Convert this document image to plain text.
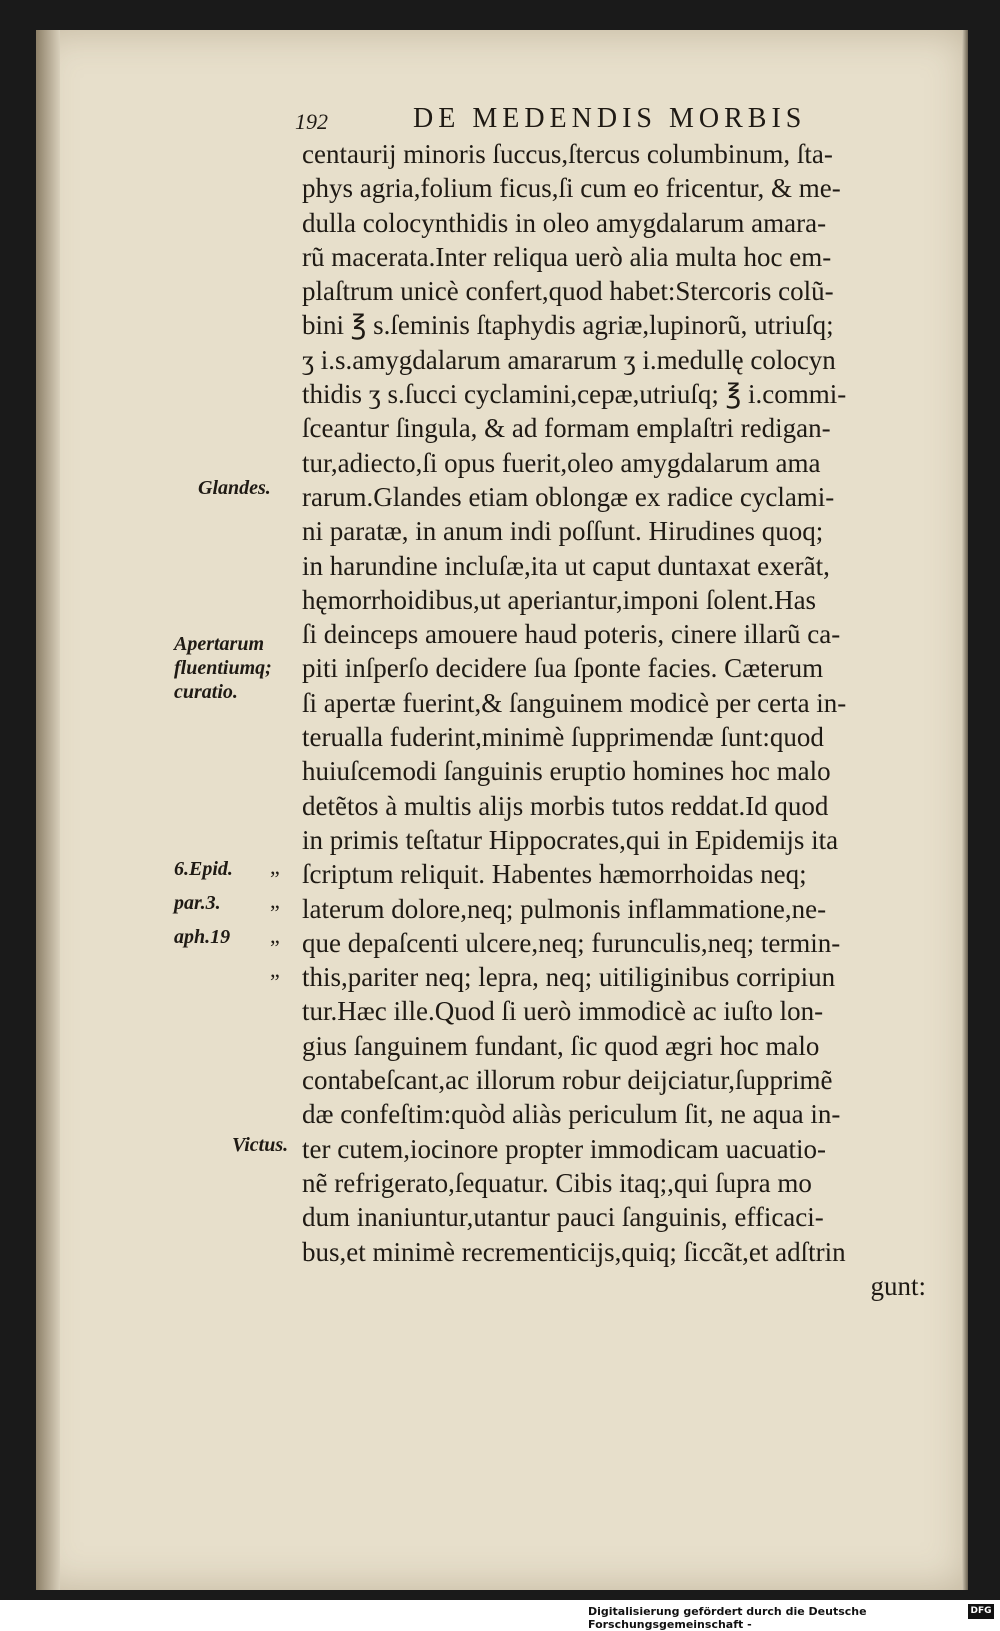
192	DE MEDENDIS MORBIS
centaurij minoris ſuccus,ſtercus columbinum, ſta-
phys agria,folium ficus,ſi cum eo fricentur, & me-
dulla colocynthidis in oleo amygdalarum amara-
rũ macerata.Inter reliqua uerò alia multa hoc em-
plaſtrum unicè confert,quod habet:Stercoris colũ-
bini ℥ s.ſeminis ſtaphydis agriæ,lupinorũ, utriuſq;
ʒ i.s.amygdalarum amararum ʒ i.medullę colocyn
thidis ʒ s.ſucci cyclamini,cepæ,utriuſq; ℥ i.commi-
ſceantur ſingula, & ad formam emplaſtri redigan-
tur,adiecto,ſi opus fuerit,oleo amygdalarum ama
rarum.Glandes etiam oblongæ ex radice cyclami-
ni paratæ, in anum indi poſſunt. Hirudines quoq;
in harundine incluſæ,ita ut caput duntaxat exerãt,
hęmorrhoidibus,ut aperiantur,imponi ſolent.Has
ſi deinceps amouere haud poteris, cinere illarũ ca-
piti inſperſo decidere ſua ſponte facies. Cæterum
ſi apertæ fuerint,& ſanguinem modicè per certa in-
terualla fuderint,minimè ſupprimendæ ſunt:quod
huiuſcemodi ſanguinis eruptio homines hoc malo
detẽtos à multis alijs morbis tutos reddat.Id quod
in primis teſtatur Hippocrates,qui in Epidemijs ita
ſcriptum reliquit. Habentes hæmorrhoidas neq;
laterum dolore,neq; pulmonis inflammatione,ne-
que depaſcenti ulcere,neq; furunculis,neq; termin-
this,pariter neq; lepra, neq; uitiliginibus corripiun
tur.Hæc ille.Quod ſi uerò immodicè ac iuſto lon-
gius ſanguinem fundant, ſic quod ægri hoc malo
contabeſcant,ac illorum robur deijciatur,ſupprimẽ
dæ confeſtim:quòd aliàs periculum ſit, ne aqua in-
ter cutem,iocinore propter immodicam uacuatio-
nẽ refrigerato,ſequatur. Cibis itaq;,qui ſupra mo
dum inaniuntur,utantur pauci ſanguinis, efficaci-
bus,et minimè recrementicijs,quiq; ſiccãt,et adſtrin
gunt:
„
„
„
„
Glandes.
Apertarum
fluentiumq;
curatio.
6.Epid.
par.3.
aph.19
Victus.
Digitalisierung gefördert durch die Deutsche Forschungsgemeinschaft -
DFG
